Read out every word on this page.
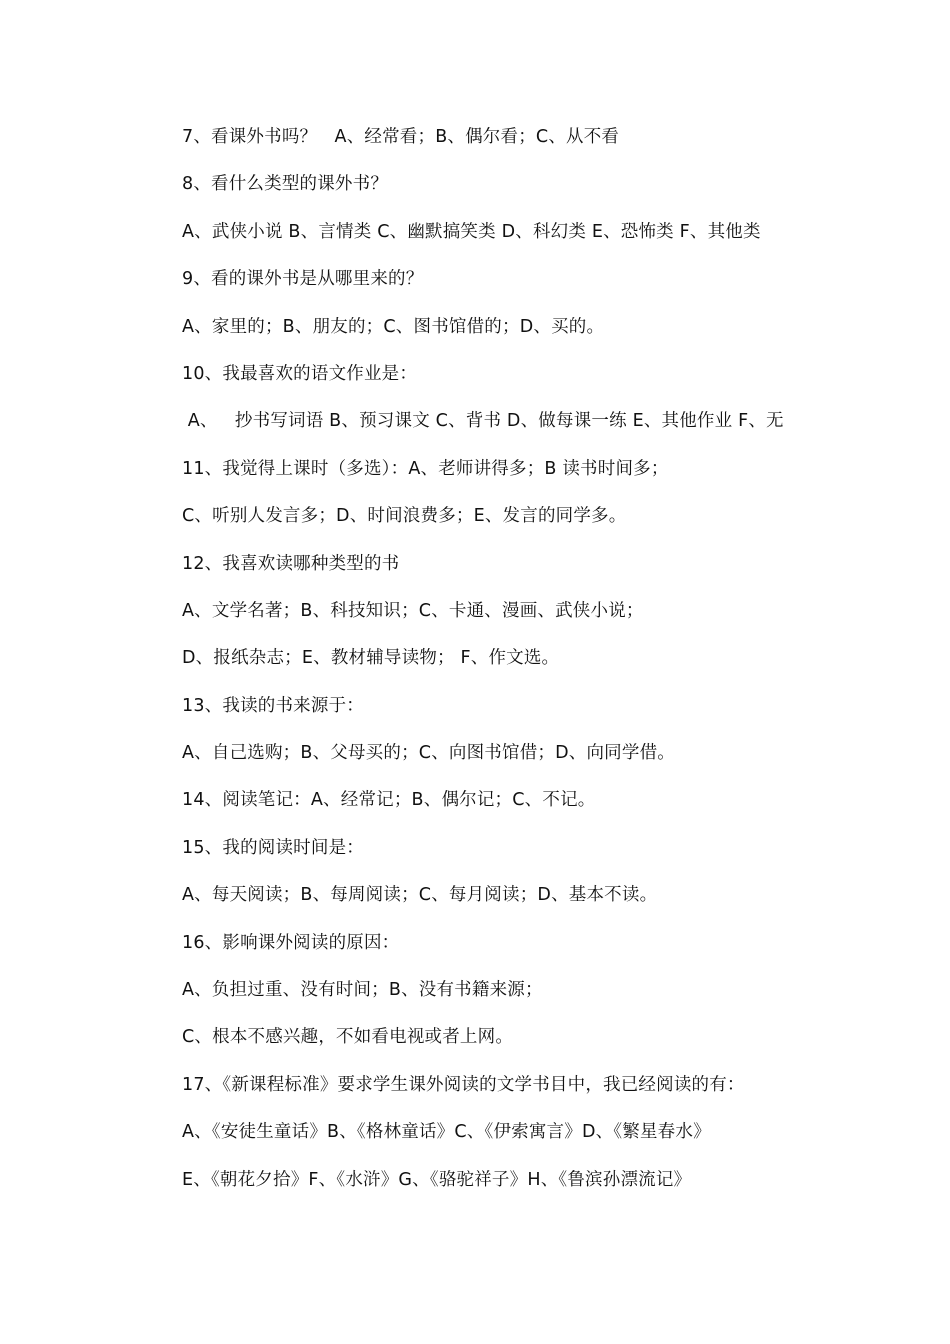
7、看课外书吗？   A、经常看；B、偶尔看；C、从不看
8、看什么类型的课外书？
A、武侠小说 B、言情类 C、幽默搞笑类 D、科幻类 E、恐怖类 F、其他类
9、看的课外书是从哪里来的？
A、家里的；B、朋友的；C、图书馆借的；D、买的。
10、我最喜欢的语文作业是：
A、   抄书写词语 B、预习课文 C、背书 D、做每课一练 E、其他作业 F、无
11、我觉得上课时（多选）：A、老师讲得多；B 读书时间多；
C、听别人发言多；D、时间浪费多；E、发言的同学多。
12、我喜欢读哪种类型的书
A、文学名著；B、科技知识；C、卡通、漫画、武侠小说；
D、报纸杂志；E、教材辅导读物； F、作文选。
13、我读的书来源于：
A、自己选购；B、父母买的；C、向图书馆借；D、向同学借。
14、阅读笔记：A、经常记；B、偶尔记；C、不记。
15、我的阅读时间是：
A、每天阅读；B、每周阅读；C、每月阅读；D、基本不读。
16、影响课外阅读的原因：
A、负担过重、没有时间；B、没有书籍来源；
C、根本不感兴趣，不如看电视或者上网。
17、《新课程标准》要求学生课外阅读的文学书目中，我已经阅读的有：
A、《安徒生童话》B、《格林童话》C、《伊索寓言》D、《繁星春水》
E、《朝花夕拾》F、《水浒》G、《骆驼祥子》H、《鲁滨孙漂流记》
